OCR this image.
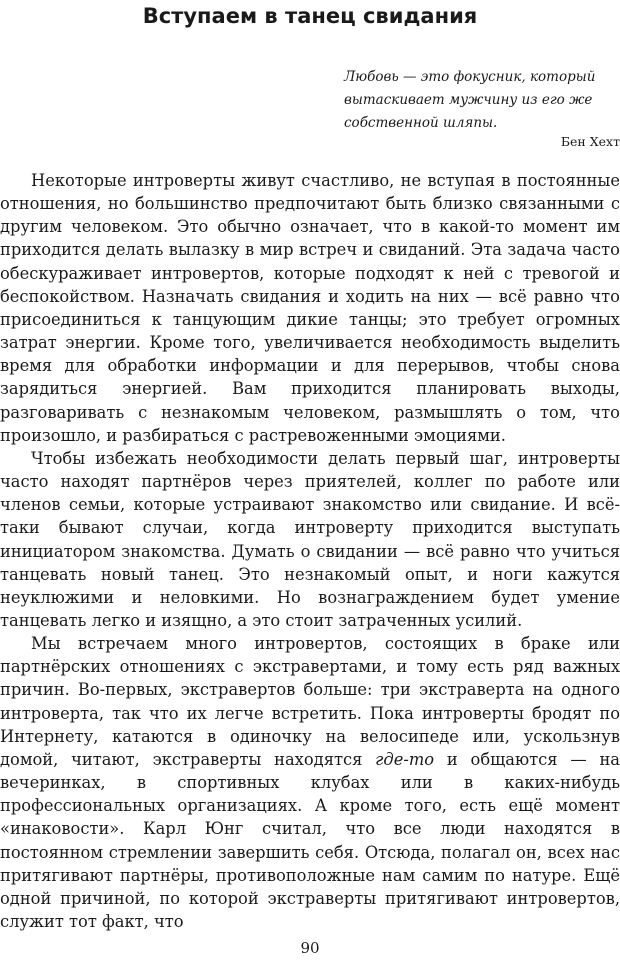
Вступаем в танец свидания
Любовь — это фокусник, который вытаскивает мужчину из его же собственной шляпы.
Бен Хехт

Некоторые интроверты живут счастливо, не вступая в постоянные отношения, но большинство предпочитают быть близко связанными с другим человеком. Это обычно означает, что в какой-то момент им приходится делать вылазку в мир встреч и свиданий. Эта задача часто обескураживает интровертов, которые подходят к ней с тревогой и беспокойством. Назначать свидания и ходить на них — всё равно что присоединиться к танцующим дикие танцы; это требует огромных затрат энергии. Кроме того, увеличивается необходимость выделить время для обработки информации и для перерывов, чтобы снова зарядиться энергией. Вам приходится планировать выходы, разговаривать с незнакомым человеком, размышлять о том, что произошло, и разбираться с растревоженными эмоциями.

Чтобы избежать необходимости делать первый шаг, интроверты часто находят партнёров через приятелей, коллег по работе или членов семьи, которые устраивают знакомство или свидание. И всё-таки бывают случаи, когда интроверту приходится выступать инициатором знакомства. Думать о свидании — всё равно что учиться танцевать новый танец. Это незнакомый опыт, и ноги кажутся неуклюжими и неловкими. Но вознаграждением будет умение танцевать легко и изящно, а это стоит затраченных усилий.

Мы встречаем много интровертов, состоящих в браке или партнёрских отношениях с экстравертами, и тому есть ряд важных причин. Во-первых, экстравертов больше: три экстраверта на одного интроверта, так что их легче встретить. Пока интроверты бродят по Интернету, катаются в одиночку на велосипеде или, ускользнув домой, читают, экстраверты находятся где-то и общаются — на вечеринках, в спортивных клубах или в каких-нибудь профессиональных организациях. А кроме того, есть ещё момент «инаковости». Карл Юнг считал, что все люди находятся в постоянном стремлении завершить себя. Отсюда, полагал он, всех нас притягивают партнёры, противоположные нам самим по натуре. Ещё одной причиной, по которой экстраверты притягивают интровертов, служит тот факт, что

90
